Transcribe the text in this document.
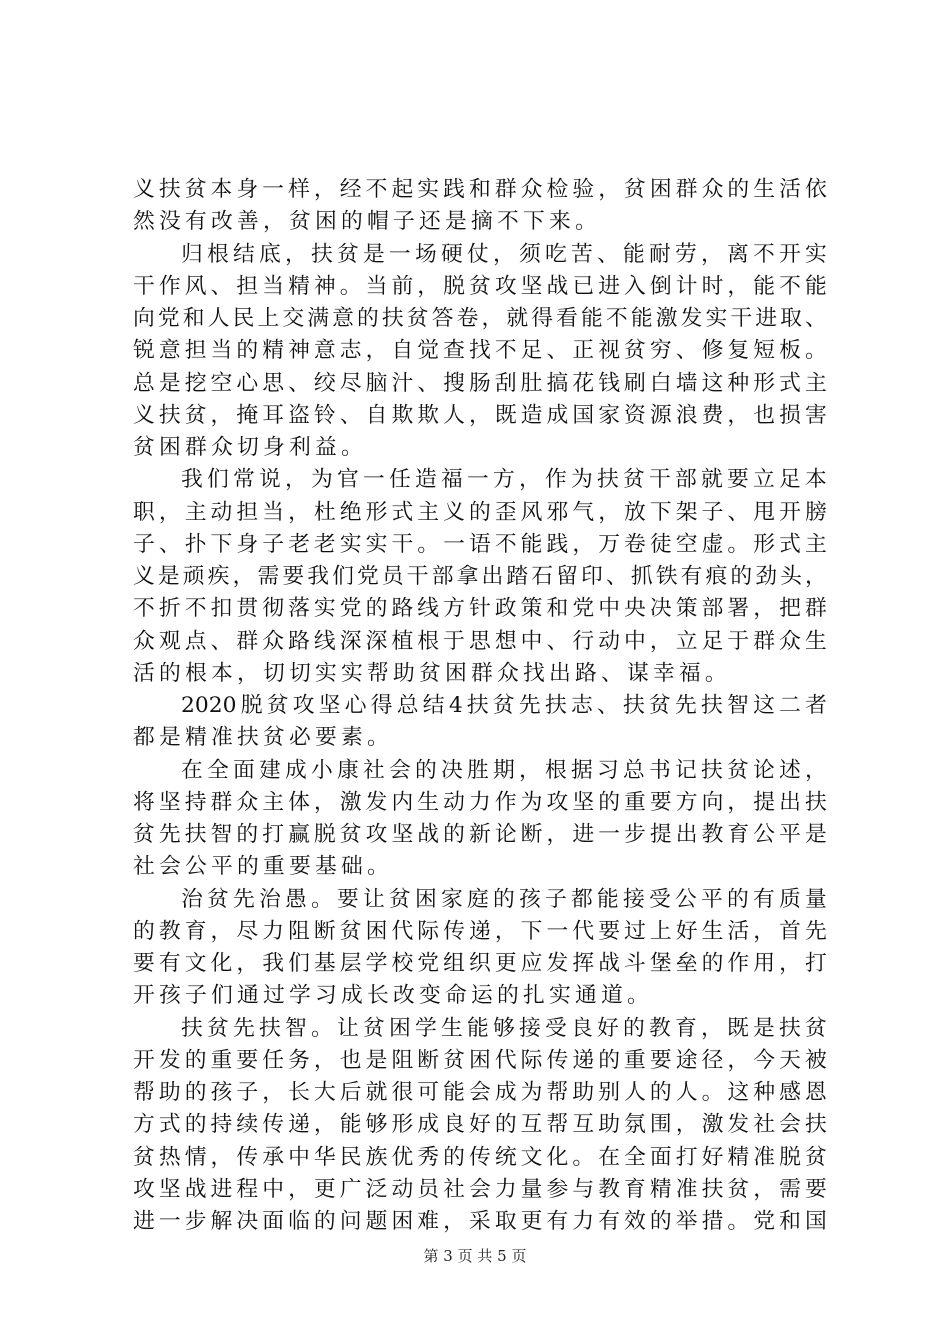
义 扶 贫 本 身 一 样 ， 经 不 起 实 践 和 群 众 检 验 ， 贫 困 群 众 的 生 活 依
然没有改善，贫困的帽子还是摘不下来。
归 根 结 底 ， 扶 贫 是 一 场 硬 仗 ， 须 吃 苦 、 能 耐 劳 ， 离 不 开 实
干 作 风 、 担 当 精 神 。 当 前 ， 脱 贫 攻 坚 战 已 进 入 倒 计 时 ， 能 不 能
向 党 和 人 民 上 交 满 意 的 扶 贫 答 卷 ， 就 得 看 能 不 能 激 发 实 干 进 取 、
锐 意 担 当 的 精 神 意 志 ， 自 觉 查 找 不 足 、 正 视 贫 穷 、 修 复 短 板 。
总 是 挖 空 心 思 、 绞 尽 脑 汁 、 搜 肠 刮 肚 搞 花 钱 刷 白 墙 这 种 形 式 主
义 扶 贫 ， 掩 耳 盗 铃 、 自 欺 欺 人 ， 既 造 成 国 家 资 源 浪 费 ， 也 损 害
贫困群众切身利益。
我 们 常 说 ， 为 官 一 任 造 福 一 方 ， 作 为 扶 贫 干 部 就 要 立 足 本
职 ， 主 动 担 当 ， 杜 绝 形 式 主 义 的 歪 风 邪 气 ， 放 下 架 子 、 甩 开 膀
子 、 扑 下 身 子 老 老 实 实 干 。 一 语 不 能 践 ， 万 卷 徒 空 虚 。 形 式 主
义 是 顽 疾 ， 需 要 我 们 党 员 干 部 拿 出 踏 石 留 印 、 抓 铁 有 痕 的 劲 头 ，
不 折 不 扣 贯 彻 落 实 党 的 路 线 方 针 政 策 和 党 中 央 决 策 部 署 ， 把 群
众 观 点 、 群 众 路 线 深 深 植 根 于 思 想 中 、 行 动 中 ， 立 足 于 群 众 生
活的根本，切切实实帮助贫困群众找出路、谋幸福。
2020 脱 贫 攻 坚 心 得 总 结 4 扶 贫 先 扶 志 、 扶 贫 先 扶 智 这 二 者
都是精准扶贫必要素。
在 全 面 建 成 小 康 社 会 的 决 胜 期 ， 根 据 习 总 书 记 扶 贫 论 述 ，
将 坚 持 群 众 主 体 ， 激 发 内 生 动 力 作 为 攻 坚 的 重 要 方 向 ， 提 出 扶
贫 先 扶 智 的 打 赢 脱 贫 攻 坚 战 的 新 论 断 ， 进 一 步 提 出 教 育 公 平 是
社会公平的重要基础。
治 贫 先 治 愚 。 要 让 贫 困 家 庭 的 孩 子 都 能 接 受 公 平 的 有 质 量
的 教 育 ， 尽 力 阻 断 贫 困 代 际 传 递 ， 下 一 代 要 过 上 好 生 活 ， 首 先
要 有 文 化 ， 我 们 基 层 学 校 党 组 织 更 应 发 挥 战 斗 堡 垒 的 作 用 ， 打
开孩子们通过学习成长改变命运的扎实通道。
扶 贫 先 扶 智 。 让 贫 困 学 生 能 够 接 受 良 好 的 教 育 ， 既 是 扶 贫
开 发 的 重 要 任 务 ， 也 是 阻 断 贫 困 代 际 传 递 的 重 要 途 径 ， 今 天 被
帮 助 的 孩 子 ， 长 大 后 就 很 可 能 会 成 为 帮 助 别 人 的 人 。 这 种 感 恩
方 式 的 持 续 传 递 ， 能 够 形 成 良 好 的 互 帮 互 助 氛 围 ， 激 发 社 会 扶
贫 热 情 ， 传 承 中 华 民 族 优 秀 的 传 统 文 化 。 在 全 面 打 好 精 准 脱 贫
攻 坚 战 进 程 中 ， 更 广 泛 动 员 社 会 力 量 参 与 教 育 精 准 扶 贫 ， 需 要
进 一 步 解 决 面 临 的 问 题 困 难 ， 采 取 更 有 力 有 效 的 举 措 。 党 和 国
第 3 页 共 5 页
